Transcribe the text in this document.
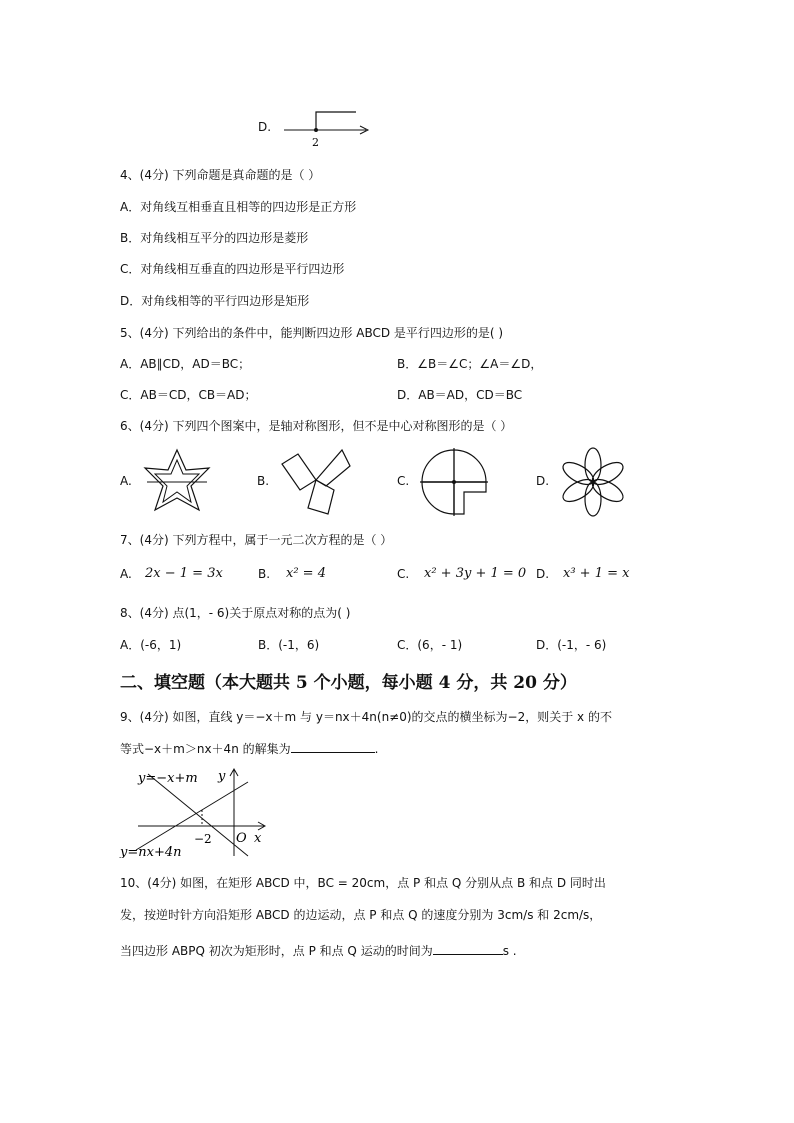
D.
2
4、(4分) 下列命题是真命题的是（ ）
A．对角线互相垂直且相等的四边形是正方形
B．对角线相互平分的四边形是菱形
C．对角线相互垂直的四边形是平行四边形
D．对角线相等的平行四边形是矩形
5、(4分) 下列给出的条件中，能判断四边形 ABCD 是平行四边形的是( )
A．AB∥CD，AD＝BC；	B．∠B＝∠C；∠A＝∠D，
C．AB＝CD，CB＝AD；	D．AB＝AD，CD＝BC
6、(4分) 下列四个图案中，是轴对称图形，但不是中心对称图形的是（ ）
A.	B.	C.	D.
7、(4分) 下列方程中，属于一元二次方程的是（ ）
A. 2x − 1 = 3x	B. x² = 4	C. x² + 3y + 1 = 0 D. x³ + 1 = x
8、(4分) 点(1，- 6)关于原点对称的点为( )
A．(-6，1)	B．(-1，6)	C．(6，- 1)	D．(-1，- 6)
二、填空题（本大题共 5 个小题，每小题 4 分，共 20 分）
9、(4分) 如图，直线 y＝−x＋m 与 y＝nx＋4n(n≠0)的交点的横坐标为−2，则关于 x 的不
等式−x＋m＞nx＋4n 的解集为	.
y=−x+m
y=nx+4n
y
x
O
−2
10、(4分) 如图，在矩形 ABCD 中，BC = 20cm，点 P 和点 Q 分别从点 B 和点 D 同时出
发，按逆时针方向沿矩形 ABCD 的边运动，点 P 和点 Q 的速度分别为 3cm/s 和 2cm/s，
当四边形 ABPQ 初次为矩形时，点 P 和点 Q 运动的时间为	s .
